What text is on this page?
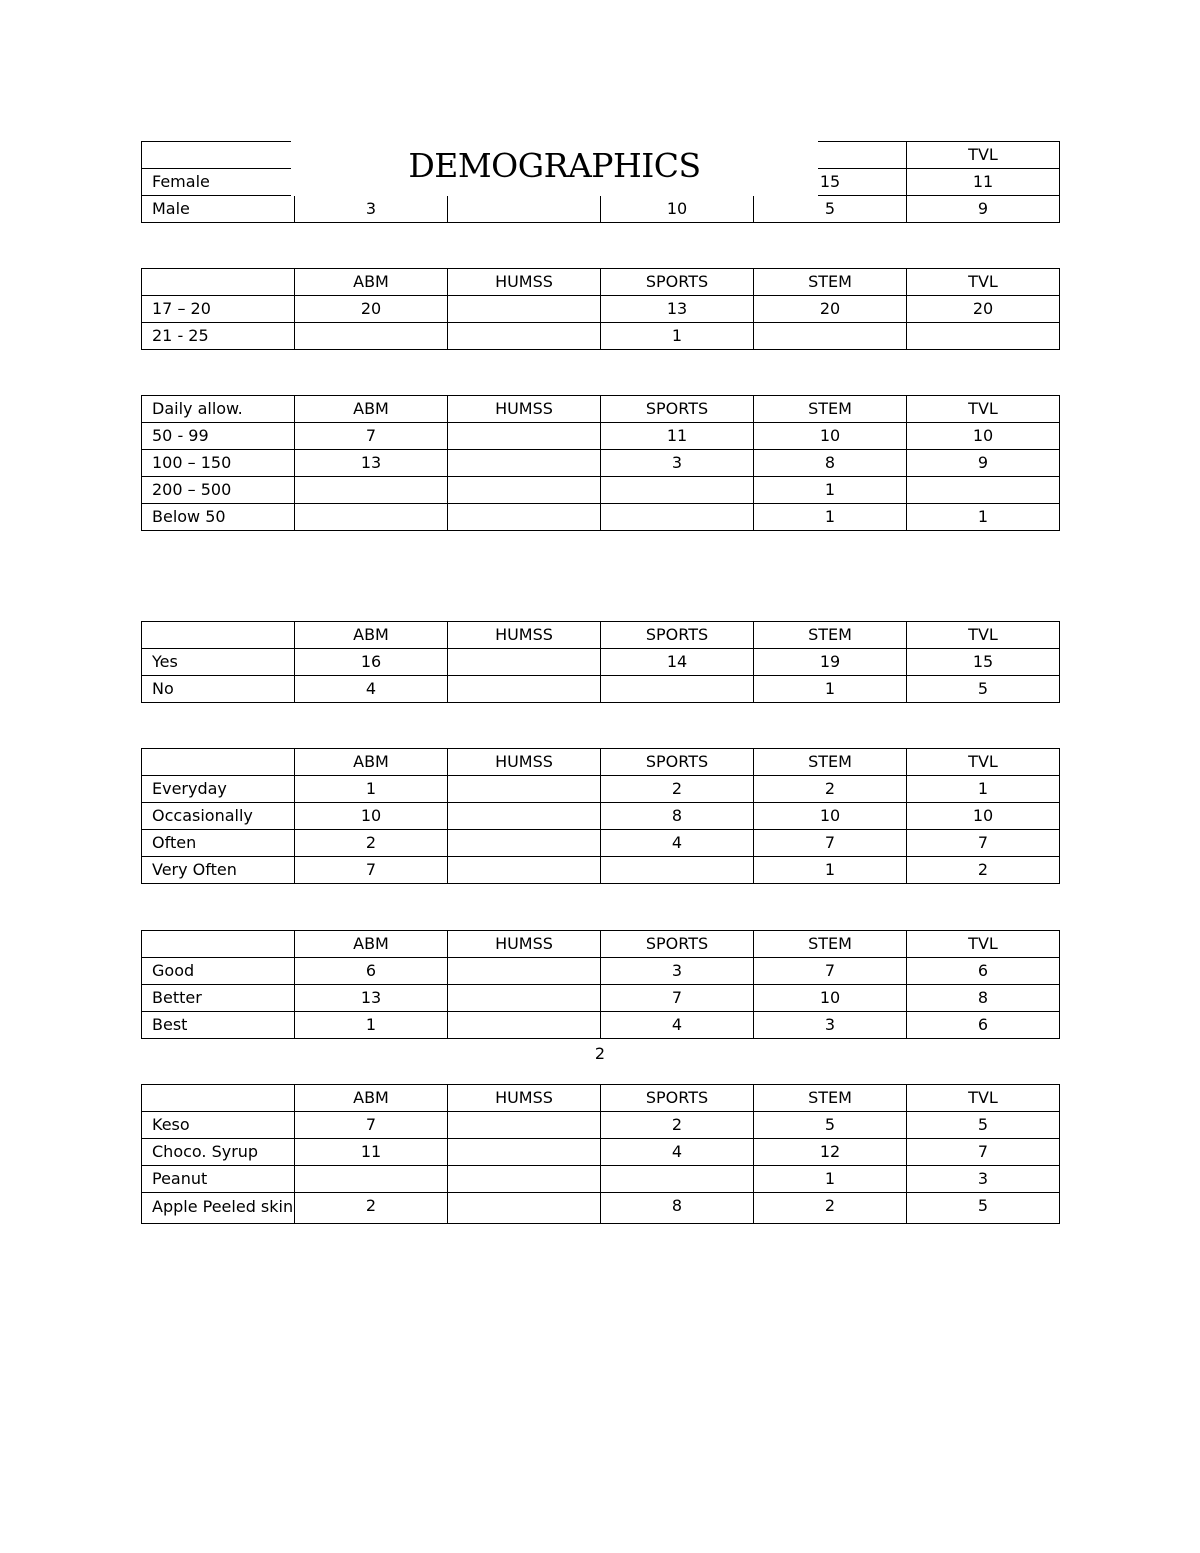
					TVL
Female				15	11
Male	3		10	5	9
	ABM	HUMSS	SPORTS	STEM	TVL
17 – 20	20		13	20	20
21 - 25			1		
Daily allow.	ABM	HUMSS	SPORTS	STEM	TVL
50 - 99	7		11	10	10
100 – 150	13		3	8	9
200 – 500				1	
Below 50				1	1
	ABM	HUMSS	SPORTS	STEM	TVL
Yes	16		14	19	15
No	4			1	5
	ABM	HUMSS	SPORTS	STEM	TVL
Everyday	1		2	2	1
Occasionally	10		8	10	10
Often	2		4	7	7
Very Often	7			1	2
	ABM	HUMSS	SPORTS	STEM	TVL
Good	6		3	7	6
Better	13		7	10	8
Best	1		4	3	6
	ABM	HUMSS	SPORTS	STEM	TVL
Keso	7		2	5	5
Choco. Syrup	11		4	12	7
Peanut				1	3
Apple Peeled skin	2		8	2	5
DEMOGRAPHICS
2
